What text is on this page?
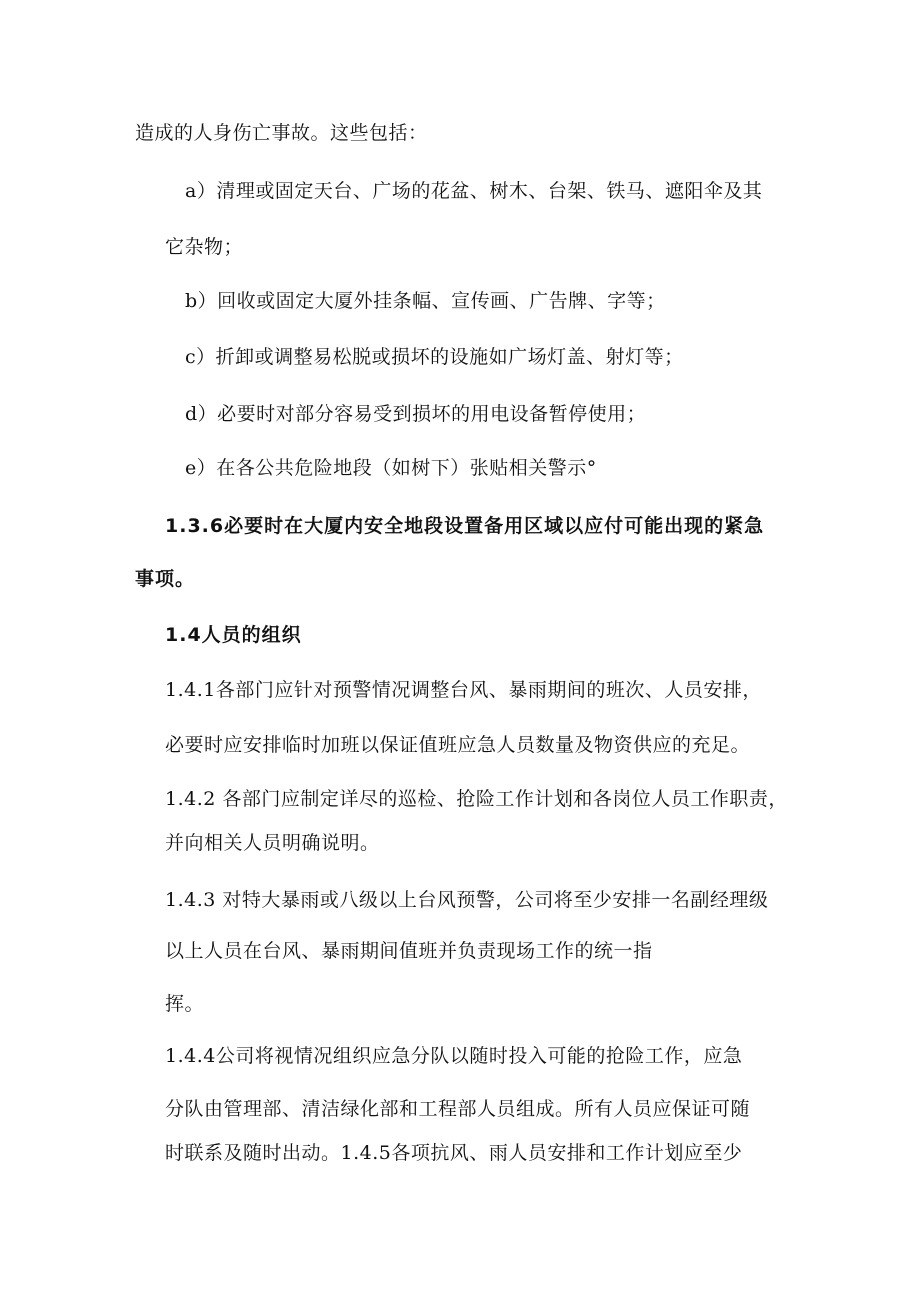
造成的人身伤亡事故。这些包括：
a）清理或固定天台、广场的花盆、树木、台架、铁马、遮阳伞及其
它杂物；
b）回收或固定大厦外挂条幅、宣传画、广告牌、字等；
c）折卸或调整易松脱或损坏的设施如广场灯盖、射灯等；
d）必要时对部分容易受到损坏的用电设备暂停使用；
e）在各公共危险地段（如树下）张贴相关警示°
1.3.6必要时在大厦内安全地段设置备用区域以应付可能出现的紧急
事项。
1.4人员的组织
1.4.1各部门应针对预警情况调整台风、暴雨期间的班次、人员安排，
必要时应安排临时加班以保证值班应急人员数量及物资供应的充足。
1.4.2 各部门应制定详尽的巡检、抢险工作计划和各岗位人员工作职责，
并向相关人员明确说明。
1.4.3 对特大暴雨或八级以上台风预警，公司将至少安排一名副经理级
以上人员在台风、暴雨期间值班并负责现场工作的统一指
挥。
1.4.4公司将视情况组织应急分队以随时投入可能的抢险工作，应急
分队由管理部、清洁绿化部和工程部人员组成。所有人员应保证可随
时联系及随时出动。1.4.5各项抗风、雨人员安排和工作计划应至少
